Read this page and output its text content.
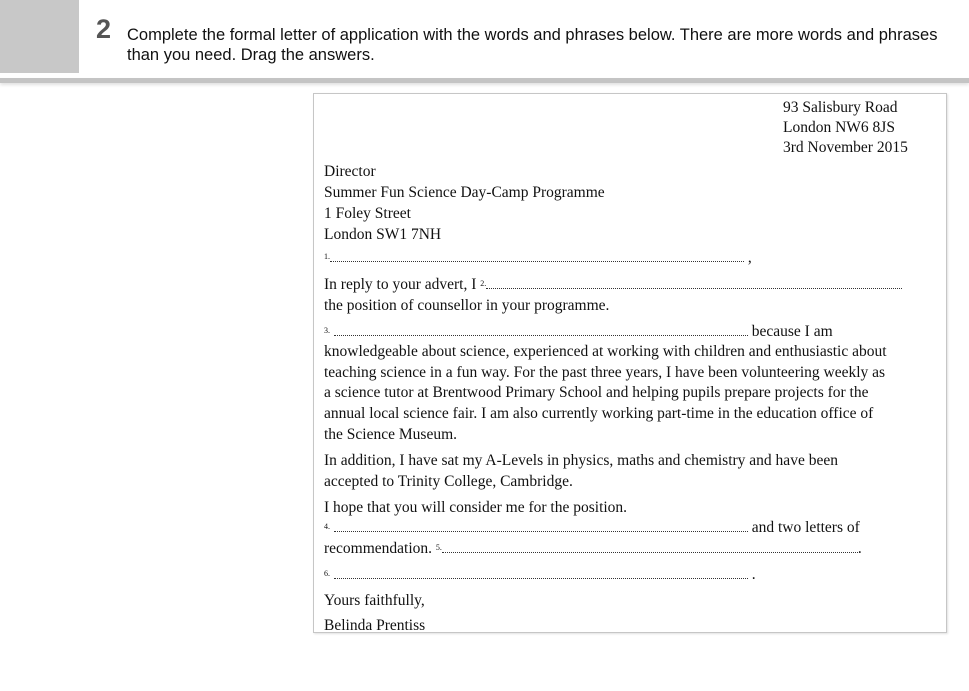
2 Complete the formal letter of application with the words and phrases below. There are more words and phrases than you need. Drag the answers.
93 Salisbury Road
London NW6 8JS
3rd November 2015
Director
Summer Fun Science Day-Camp Programme
1 Foley Street
London SW1 7NH
$^{1.}$	,
In reply to your advert, I $^{2.}$
the position of counsellor in your programme.
$^{3.}$	because I am
knowledgeable about science, experienced at working with children and enthusiastic about
teaching science in a fun way. For the past three years, I have been volunteering weekly as
a science tutor at Brentwood Primary School and helping pupils prepare projects for the
annual local science fair. I am also currently working part-time in the education office of
the Science Museum.
In addition, I have sat my A-Levels in physics, maths and chemistry and have been
accepted to Trinity College, Cambridge.
I hope that you will consider me for the position.
$^{4.}$	and two letters of
recommendation. $^{5.}$	.
$^{6.}$	.
Yours faithfully,
Belinda Prentiss
